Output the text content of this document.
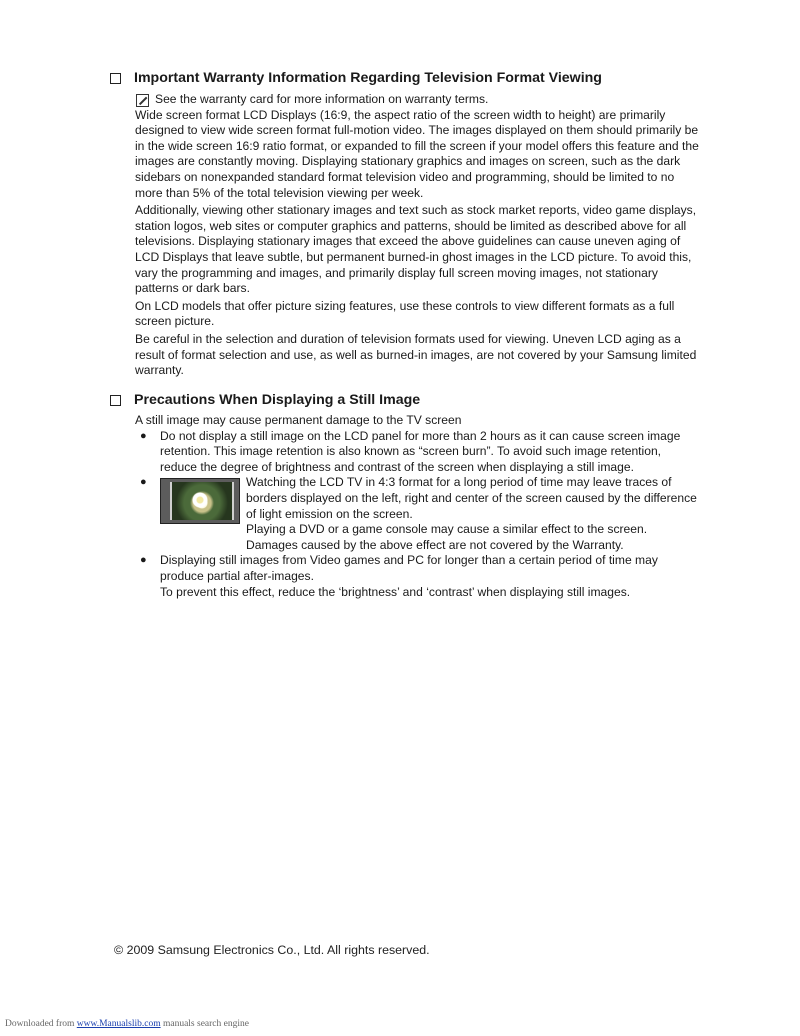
Important Warranty Information Regarding Television Format Viewing
See the warranty card for more information on warranty terms.

Wide screen format LCD Displays (16:9, the aspect ratio of the screen width to height) are primarily designed to view wide screen format full-motion video. The images displayed on them should primarily be in the wide screen 16:9 ratio format, or expanded to fill the screen if your model offers this feature and the images are constantly moving. Displaying stationary graphics and images on screen, such as the dark sidebars on nonexpanded standard format television video and programming, should be limited to no more than 5% of the total television viewing per week.

Additionally, viewing other stationary images and text such as stock market reports, video game displays, station logos, web sites or computer graphics and patterns, should be limited as described above for all televisions. Displaying stationary images that exceed the above guidelines can cause uneven aging of LCD Displays that leave subtle, but permanent burned-in ghost images in the LCD picture. To avoid this, vary the programming and images, and primarily display full screen moving images, not stationary patterns or dark bars.

On LCD models that offer picture sizing features, use these controls to view different formats as a full screen picture.

Be careful in the selection and duration of television formats used for viewing. Uneven LCD aging as a result of format selection and use, as well as burned-in images, are not covered by your Samsung limited warranty.

Precautions When Displaying a Still Image

A still image may cause permanent damage to the TV screen

● Do not display a still image on the LCD panel for more than 2 hours as it can cause screen image retention. This image retention is also known as “screen burn”. To avoid such image retention, reduce the degree of brightness and contrast of the screen when displaying a still image.
●	Watching the LCD TV in 4:3 format for a long period of time may leave traces of borders displayed on the left, right and center of the screen caused by the difference of light emission on the screen.

Playing a DVD or a game console may cause a similar effect to the screen. Damages caused by the above effect are not covered by the Warranty.

● Displaying still images from Video games and PC for longer than a certain period of time may produce partial after-images.

To prevent this effect, reduce the ‘brightness’ and ‘contrast’ when displaying still images.

© 2009 Samsung Electronics Co., Ltd. All rights reserved.
Downloaded from www.Manualslib.com manuals search engine
